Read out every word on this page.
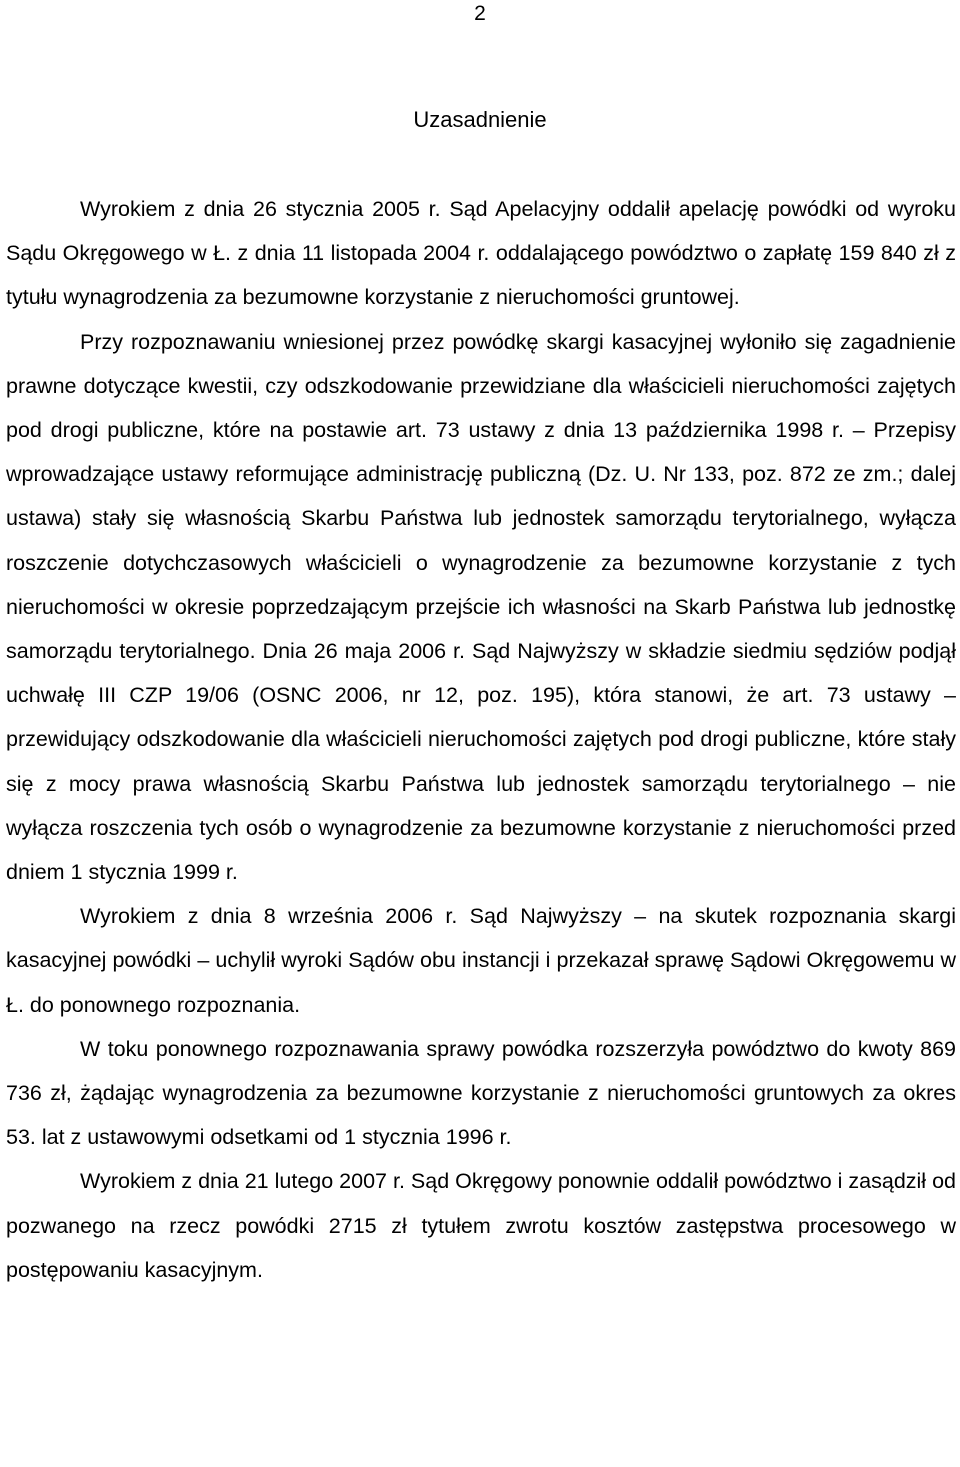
2
Uzasadnienie

Wyrokiem z dnia 26 stycznia 2005 r. Sąd Apelacyjny oddalił apelację powódki od wyroku Sądu Okręgowego w Ł. z dnia 11 listopada 2004 r. oddalającego powództwo o zapłatę 159 840 zł z tytułu wynagrodzenia za bezumowne korzystanie z nieruchomości gruntowej.

Przy rozpoznawaniu wniesionej przez powódkę skargi kasacyjnej wyłoniło się zagadnienie prawne dotyczące kwestii, czy odszkodowanie przewidziane dla właścicieli nieruchomości zajętych pod drogi publiczne, które na postawie art. 73 ustawy z dnia 13 października 1998 r. – Przepisy wprowadzające ustawy reformujące administrację publiczną (Dz. U. Nr 133, poz. 872 ze zm.; dalej ustawa) stały się własnością Skarbu Państwa lub jednostek samorządu terytorialnego, wyłącza roszczenie dotychczasowych właścicieli o wynagrodzenie za bezumowne korzystanie z tych nieruchomości w okresie poprzedzającym przejście ich własności na Skarb Państwa lub jednostkę samorządu terytorialnego. Dnia 26 maja 2006 r. Sąd Najwyższy w składzie siedmiu sędziów podjął uchwałę III CZP 19/06 (OSNC 2006, nr 12, poz. 195), która stanowi, że art. 73 ustawy – przewidujący odszkodowanie dla właścicieli nieruchomości zajętych pod drogi publiczne, które stały się z mocy prawa własnością Skarbu Państwa lub jednostek samorządu terytorialnego – nie wyłącza roszczenia tych osób o wynagrodzenie za bezumowne korzystanie z nieruchomości przed dniem 1 stycznia 1999 r.

Wyrokiem z dnia 8 września 2006 r. Sąd Najwyższy – na skutek rozpoznania skargi kasacyjnej powódki – uchylił wyroki Sądów obu instancji i przekazał sprawę Sądowi Okręgowemu w Ł. do ponownego rozpoznania.

W toku ponownego rozpoznawania sprawy powódka rozszerzyła powództwo do kwoty 869 736 zł, żądając wynagrodzenia za bezumowne korzystanie z nieruchomości gruntowych za okres 53. lat z ustawowymi odsetkami od 1 stycznia 1996 r.

Wyrokiem z dnia 21 lutego 2007 r. Sąd Okręgowy ponownie oddalił powództwo i zasądził od pozwanego na rzecz powódki 2715 zł tytułem zwrotu kosztów zastępstwa procesowego w postępowaniu kasacyjnym.
